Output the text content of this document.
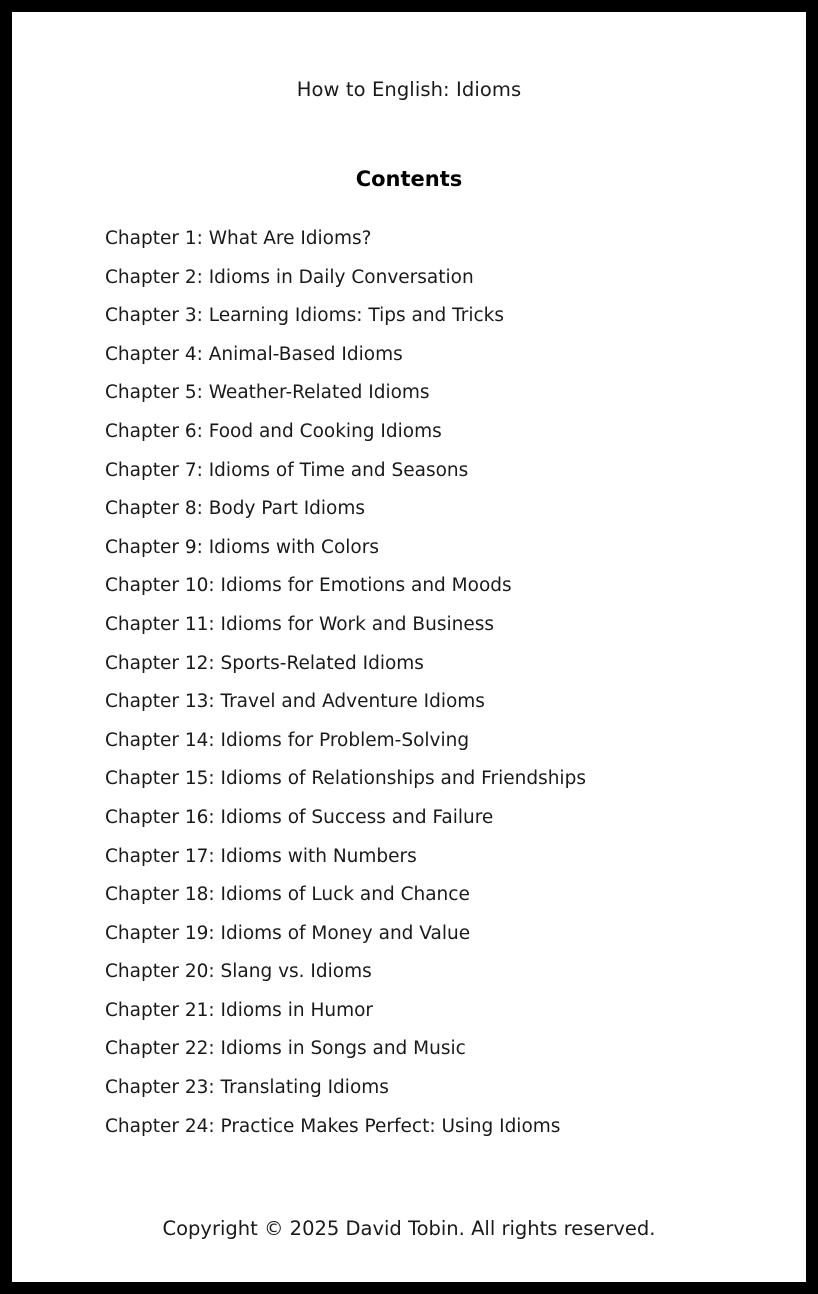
How to English: Idioms
Contents
Chapter 1: What Are Idioms?
Chapter 2: Idioms in Daily Conversation
Chapter 3: Learning Idioms: Tips and Tricks
Chapter 4: Animal-Based Idioms
Chapter 5: Weather-Related Idioms
Chapter 6: Food and Cooking Idioms
Chapter 7: Idioms of Time and Seasons
Chapter 8: Body Part Idioms
Chapter 9: Idioms with Colors
Chapter 10: Idioms for Emotions and Moods
Chapter 11: Idioms for Work and Business
Chapter 12: Sports-Related Idioms
Chapter 13: Travel and Adventure Idioms
Chapter 14: Idioms for Problem-Solving
Chapter 15: Idioms of Relationships and Friendships
Chapter 16: Idioms of Success and Failure
Chapter 17: Idioms with Numbers
Chapter 18: Idioms of Luck and Chance
Chapter 19: Idioms of Money and Value
Chapter 20: Slang vs. Idioms
Chapter 21: Idioms in Humor
Chapter 22: Idioms in Songs and Music
Chapter 23: Translating Idioms
Chapter 24: Practice Makes Perfect: Using Idioms
Copyright © 2025 David Tobin. All rights reserved.
